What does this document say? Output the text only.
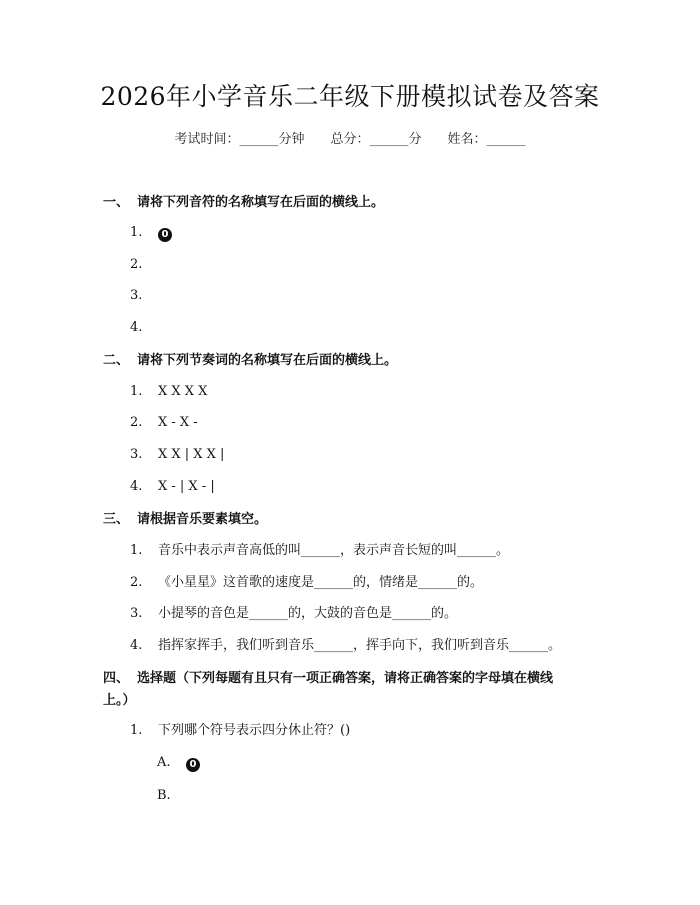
2026年小学音乐二年级下册模拟试卷及答案
考试时间：______分钟 总分：______分 姓名：______
一、 请将下列音符的名称填写在后面的横线上。
1. 0
2.
3.
4.
二、 请将下列节奏词的名称填写在后面的横线上。
1. X X X X
2. X - X -
3. X X | X X |
4. X - | X - |
三、 请根据音乐要素填空。
1. 音乐中表示声音高低的叫______，表示声音长短的叫______。
2. 《小星星》这首歌的速度是______的，情绪是______的。
3. 小提琴的音色是______的，大鼓的音色是______的。
4. 指挥家挥手，我们听到音乐______，挥手向下，我们听到音乐______。
四、 选择题（下列每题有且只有一项正确答案，请将正确答案的字母填在横线
上。）
1. 下列哪个符号表示四分休止符？()
A. 0
B.
